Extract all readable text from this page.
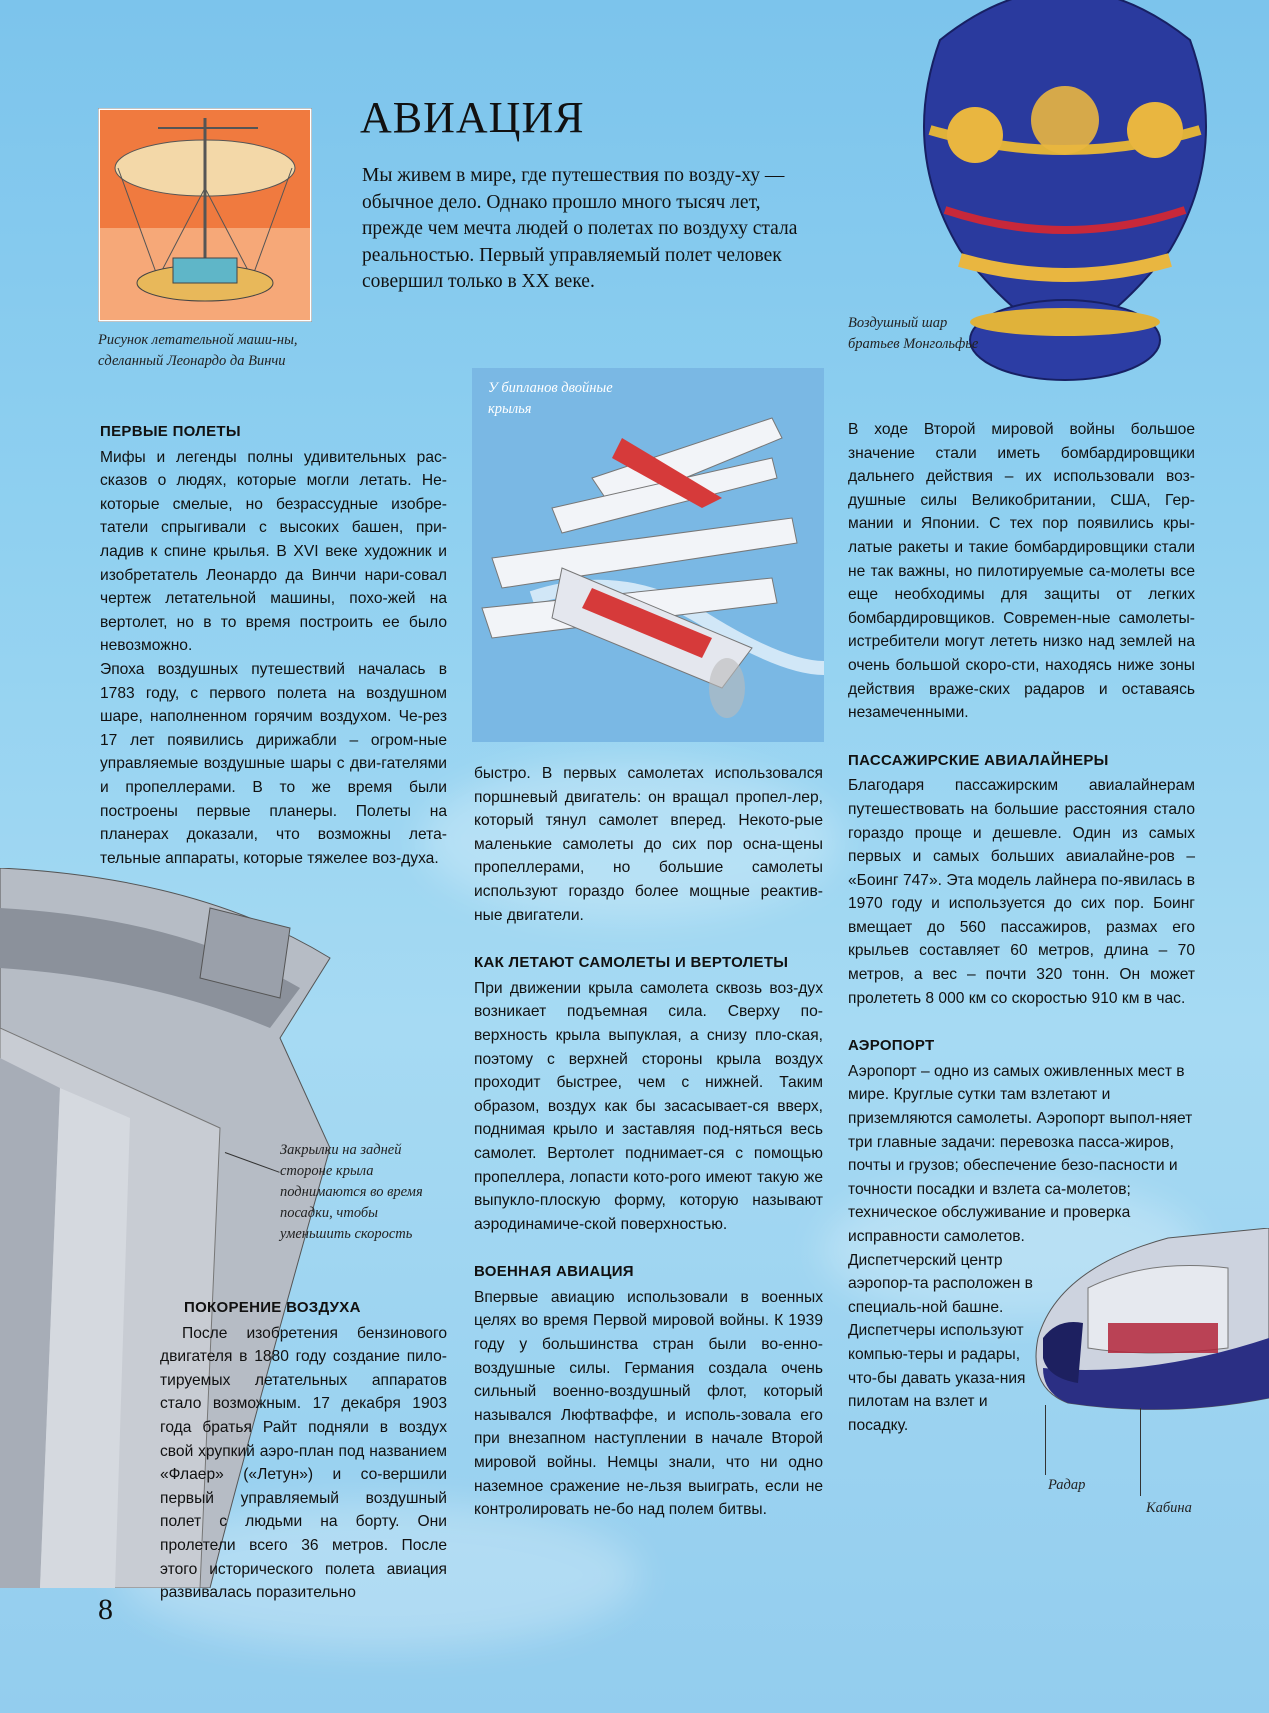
Рисунок летательной маши-ны, сделанный Леонардо да Винчи
АВИАЦИЯ
Мы живем в мире, где путешествия по возду-ху — обычное дело. Однако прошло много тысяч лет, прежде чем мечта людей о полетах по воздуху стала реальностью. Первый управляемый полет человек совершил только в XX веке.
Воздушный шар братьев Монгольфье
У бипланов двойные крылья
Закрылки на задней стороне крыла поднимаются во время посадки, чтобы уменьшить скорость
Радар
Кабина
ПЕРВЫЕ ПОЛЕТЫ

Мифы и легенды полны удивительных рас-сказов о людях, которые могли летать. Не-которые смелые, но безрассудные изобре-татели спрыгивали с высоких башен, при-ладив к спине крылья. В XVI веке художник и изобретатель Леонардо да Винчи нари-совал чертеж летательной машины, похо-жей на вертолет, но в то время построить ее было невозможно.

Эпоха воздушных путешествий началась в 1783 году, с первого полета на воздушном шаре, наполненном горячим воздухом. Че-рез 17 лет появились дирижабли – огром-ные управляемые воздушные шары с дви-гателями и пропеллерами. В то же время были построены первые планеры. Полеты на планерах доказали, что возможны лета-тельные аппараты, которые тяжелее воз-духа.

ПОКОРЕНИЕ ВОЗДУХА

После изобретения бензинового двигателя в 1880 году создание пило-тируемых летательных аппаратов стало возможным. 17 декабря 1903 года братья Райт подняли в воздух свой хрупкий аэро-план под названием «Флаер» («Летун») и со-вершили первый управляемый воздушный полет с людьми на борту. Они пролетели всего 36 метров. После этого исторического полета авиация развивалась поразительно

быстро. В первых самолетах использовался поршневый двигатель: он вращал пропел-лер, который тянул самолет вперед. Некото-рые маленькие самолеты до сих пор осна-щены пропеллерами, но большие самолеты используют гораздо более мощные реактив-ные двигатели.

КАК ЛЕТАЮТ САМОЛЕТЫ И ВЕРТОЛЕТЫ

При движении крыла самолета сквозь воз-дух возникает подъемная сила. Сверху по-верхность крыла выпуклая, а снизу пло-ская, поэтому с верхней стороны крыла воздух проходит быстрее, чем с нижней. Таким образом, воздух как бы засасывает-ся вверх, поднимая крыло и заставляя под-няться весь самолет. Вертолет поднимает-ся с помощью пропеллера, лопасти кото-рого имеют такую же выпукло-плоскую форму, которую называют аэродинамиче-ской поверхностью.

ВОЕННАЯ АВИАЦИЯ

Впервые авиацию использовали в военных целях во время Первой мировой войны. К 1939 году у большинства стран были во-енно-воздушные силы. Германия создала очень сильный военно-воздушный флот, который назывался Люфтваффе, и исполь-зовала его при внезапном наступлении в начале Второй мировой войны. Немцы знали, что ни одно наземное сражение не-льзя выиграть, если не контролировать не-бо над полем битвы.

В ходе Второй мировой войны большое значение стали иметь бомбардировщики дальнего действия – их использовали воз-душные силы Великобритании, США, Гер-мании и Японии. С тех пор появились кры-латые ракеты и такие бомбардировщики стали не так важны, но пилотируемые са-молеты все еще необходимы для защиты от легких бомбардировщиков. Современ-ные самолеты-истребители могут лететь низко над землей на очень большой скоро-сти, находясь ниже зоны действия враже-ских радаров и оставаясь незамеченными.

ПАССАЖИРСКИЕ АВИАЛАЙНЕРЫ

Благодаря пассажирским авиалайнерам путешествовать на большие расстояния стало гораздо проще и дешевле. Один из самых первых и самых больших авиалайне-ров – «Боинг 747». Эта модель лайнера по-явилась в 1970 году и используется до сих пор. Боинг вмещает до 560 пассажиров, размах его крыльев составляет 60 метров, длина – 70 метров, а вес – почти 320 тонн. Он может пролететь 8 000 км со скоростью 910 км в час.

АЭРОПОРТ

Аэропорт – одно из самых оживленных мест в мире. Круглые сутки там взлетают и приземляются самолеты. Аэропорт выпол-няет три главные задачи: перевозка пасса-жиров, почты и грузов; обеспечение безо-пасности и точности посадки и взлета са-молетов; техническое обслуживание и проверка исправности самолетов.

Диспетчерский центр аэропор-та расположен в специаль-ной башне. Диспетчеры используют компью-теры и радары, что-бы давать указа-ния пилотам на взлет и посадку.

8
